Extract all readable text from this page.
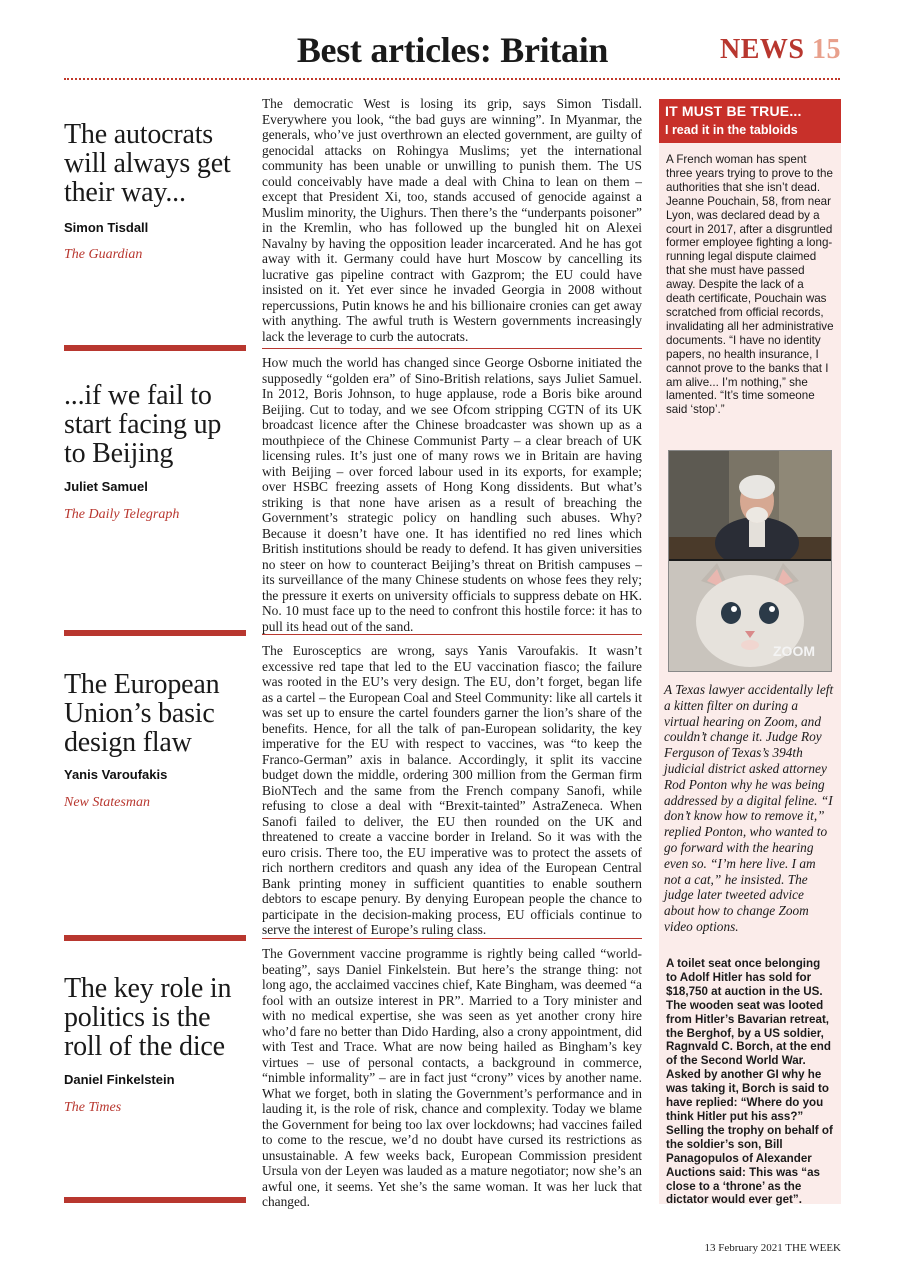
Best articles: Britain	NEWS 15
The autocrats will always get their way...
Simon Tisdall
The Guardian
The democratic West is losing its grip, says Simon Tisdall. Everywhere you look, “the bad guys are winning”. In Myanmar, the generals, who’ve just overthrown an elected government, are guilty of genocidal attacks on Rohingya Muslims; yet the international community has been unable or unwilling to punish them. The US could conceivably have made a deal with China to lean on them – except that President Xi, too, stands accused of genocide against a Muslim minority, the Uighurs. Then there’s the “underpants poisoner” in the Kremlin, who has followed up the bungled hit on Alexei Navalny by having the opposition leader incarcerated. And he has got away with it. Germany could have hurt Moscow by cancelling its lucrative gas pipeline contract with Gazprom; the EU could have insisted on it. Yet ever since he invaded Georgia in 2008 without repercussions, Putin knows he and his billionaire cronies can get away with anything. The awful truth is Western governments increasingly lack the leverage to curb the autocrats.
...if we fail to start facing up to Beijing
Juliet Samuel
The Daily Telegraph
How much the world has changed since George Osborne initiated the supposedly “golden era” of Sino-British relations, says Juliet Samuel. In 2012, Boris Johnson, to huge applause, rode a Boris bike around Beijing. Cut to today, and we see Ofcom stripping CGTN of its UK broadcast licence after the Chinese broadcaster was shown up as a mouthpiece of the Chinese Communist Party – a clear breach of UK licensing rules. It’s just one of many rows we in Britain are having with Beijing – over forced labour used in its exports, for example; over HSBC freezing assets of Hong Kong dissidents. But what’s striking is that none have arisen as a result of breaching the Government’s strategic policy on handling such abuses. Why? Because it doesn’t have one. It has identified no red lines which British institutions should be ready to defend. It has given universities no steer on how to counteract Beijing’s threat on British campuses – its surveillance of the many Chinese students on whose fees they rely; the pressure it exerts on university officials to suppress debate on HK. No. 10 must face up to the need to confront this hostile force: it has to pull its head out of the sand.
The European Union’s basic design flaw
Yanis Varoufakis
New Statesman
The Eurosceptics are wrong, says Yanis Varoufakis. It wasn’t excessive red tape that led to the EU vaccination fiasco; the failure was rooted in the EU’s very design. The EU, don’t forget, began life as a cartel – the European Coal and Steel Community: like all cartels it was set up to ensure the cartel founders garner the lion’s share of the benefits. Hence, for all the talk of pan-European solidarity, the key imperative for the EU with respect to vaccines, was “to keep the Franco-German” axis in balance. Accordingly, it split its vaccine budget down the middle, ordering 300 million from the German firm BioNTech and the same from the French company Sanofi, while refusing to close a deal with “Brexit-tainted” AstraZeneca. When Sanofi failed to deliver, the EU then rounded on the UK and threatened to create a vaccine border in Ireland. So it was with the euro crisis. There too, the EU imperative was to protect the assets of rich northern creditors and quash any idea of the European Central Bank printing money in sufficient quantities to enable southern debtors to escape penury. By denying European people the chance to participate in the decision-making process, EU officials continue to serve the interest of Europe’s ruling class.
The key role in politics is the roll of the dice
Daniel Finkelstein
The Times
The Government vaccine programme is rightly being called “world-beating”, says Daniel Finkelstein. But here’s the strange thing: not long ago, the acclaimed vaccines chief, Kate Bingham, was deemed “a fool with an outsize interest in PR”. Married to a Tory minister and with no medical expertise, she was seen as yet another crony hire who’d fare no better than Dido Harding, also a crony appointment, did with Test and Trace. What are now being hailed as Bingham’s key virtues – use of personal contacts, a background in commerce, “nimble informality” – are in fact just “crony” vices by another name. What we forget, both in slating the Government’s performance and in lauding it, is the role of risk, chance and complexity. Today we blame the Government for being too lax over lockdowns; had vaccines failed to come to the rescue, we’d no doubt have cursed its restrictions as unsustainable. A few weeks back, European Commission president Ursula von der Leyen was lauded as a mature negotiator; now she’s an awful one, it seems. Yet she’s the same woman. It was her luck that changed.
IT MUST BE TRUE...
I read it in the tabloids
A French woman has spent three years trying to prove to the authorities that she isn’t dead. Jeanne Pouchain, 58, from near Lyon, was declared dead by a court in 2017, after a disgruntled former employee fighting a long-running legal dispute claimed that she must have passed away. Despite the lack of a death certificate, Pouchain was scratched from official records, invalidating all her administrative documents. “I have no identity papers, no health insurance, I cannot prove to the banks that I am alive... I’m nothing,” she lamented. “It’s time someone said ‘stop’.”
ZOOM
A Texas lawyer accidentally left a kitten filter on during a virtual hearing on Zoom, and couldn’t change it. Judge Roy Ferguson of Texas’s 394th judicial district asked attorney Rod Ponton why he was being addressed by a digital feline. “I don’t know how to remove it,” replied Ponton, who wanted to go forward with the hearing even so. “I’m here live. I am not a cat,” he insisted. The judge later tweeted advice about how to change Zoom video options.
A toilet seat once belonging to Adolf Hitler has sold for $18,750 at auction in the US. The wooden seat was looted from Hitler’s Bavarian retreat, the Berghof, by a US soldier, Ragnvald C. Borch, at the end of the Second World War. Asked by another GI why he was taking it, Borch is said to have replied: “Where do you think Hitler put his ass?” Selling the trophy on behalf of the soldier’s son, Bill Panagopulos of Alexander Auctions said: This was “as close to a ‘throne’ as the dictator would ever get”.
13 February 2021 THE WEEK
